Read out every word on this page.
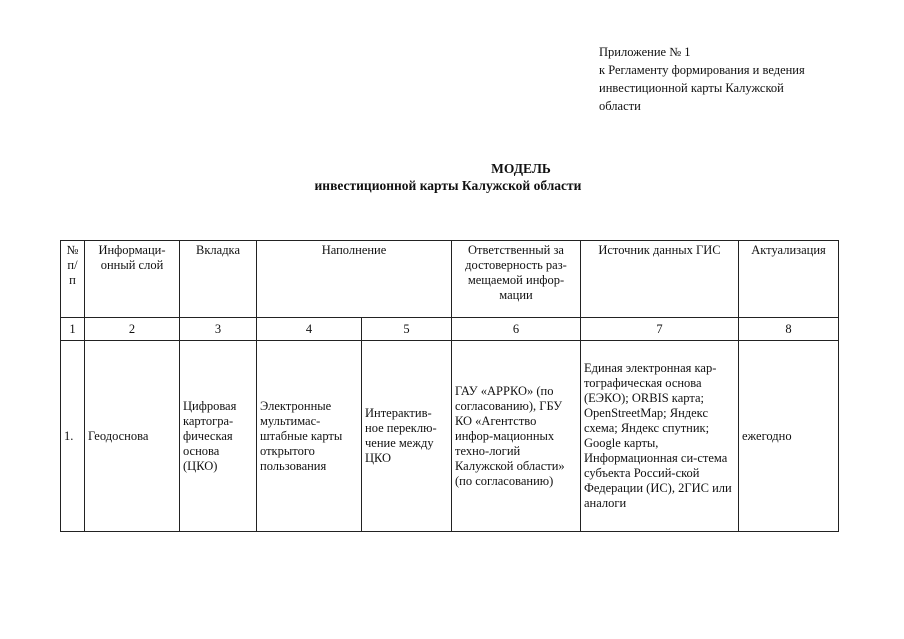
Приложение № 1
к Регламенту формирования и ведения
инвестиционной карты Калужской
области
МОДЕЛЬ
инвестиционной карты Калужской области
№ п/ п	Информаци-онный слой	Вкладка	Наполнение		Ответственный за достоверность раз-мещаемой инфор-мации	Источник данных ГИС	Актуализация
1	2	3	4	5	6	7	8
1.	Геодоснова	Цифровая картогра-фическая основа (ЦКО)	Электронные мультимас-штабные карты открытого пользования	Интерактив-ное переклю-чение между ЦКО	ГАУ «АРРКО» (по согласованию), ГБУ КО «Агентство инфор-мационных техно-логий Калужской области» (по согласованию)	Единая электронная кар-тографическая основа (ЕЭКО); ORBIS карта; OpenStreetMap; Яндекс схема; Яндекс спутник; Google карты, Информационная си-стема субъекта Россий-ской Федерации (ИС), 2ГИС или аналоги	ежегодно
